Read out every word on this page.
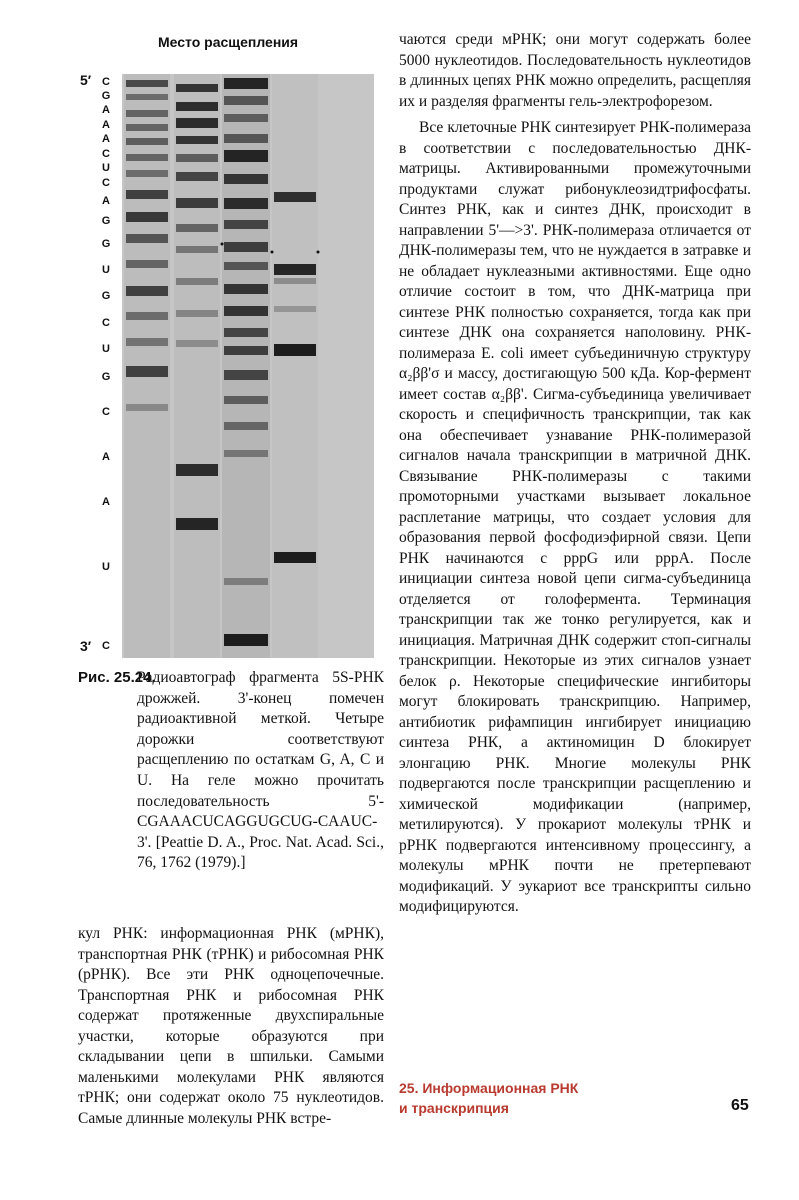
Место расщепления
5′
3′
C
G
A
A
A
C
U
C
A
G
G
U
G
C
U
G
C
A
A
U
C
Рис. 25.24.
Радиоавтограф фрагмента 5S-РНК дрожжей. 3'-конец помечен радиоактивной меткой. Четыре дорожки соответствуют расщеплению по остаткам G, A, C и U. На геле можно прочитать последовательность 5'-CGAAACUCAGGUGCUG-CAAUC-3'. [Peattie D. A., Proc. Nat. Acad. Sci., 76, 1762 (1979).]

кул РНК: информационная РНК (мРНК), транспортная РНК (тРНК) и рибосомная РНК (рРНК). Все эти РНК одноцепочечные. Транспортная РНК и рибосомная РНК содержат протяженные двухспиральные участки, которые образуются при складывании цепи в шпильки. Самыми маленькими молекулами РНК являются тРНК; они содержат около 75 нуклеотидов. Самые длинные молекулы РНК встре-

чаются среди мРНК; они могут содержать более 5000 нуклеотидов. Последовательность нуклеотидов в длинных цепях РНК можно определить, расщепляя их и разделяя фрагменты гель-электрофорезом.

Все клеточные РНК синтезирует РНК-полимераза в соответствии с последовательностью ДНК-матрицы. Активированными промежуточными продуктами служат рибонуклеозидтрифосфаты. Синтез РНК, как и синтез ДНК, происходит в направлении 5'—>3'. РНК-полимераза отличается от ДНК-полимеразы тем, что не нуждается в затравке и не обладает нуклеазными активностями. Еще одно отличие состоит в том, что ДНК-матрица при синтезе РНК полностью сохраняется, тогда как при синтезе ДНК она сохраняется наполовину. РНК-полимераза E. coli имеет субъединичную структуру α₂ββ'σ и массу, достигающую 500 кДа. Кор-фермент имеет состав α₂ββ'. Сигма-субъединица увеличивает скорость и специфичность транскрипции, так как она обеспечивает узнавание РНК-полимеразой сигналов начала транскрипции в матричной ДНК. Связывание РНК-полимеразы с такими промоторными участками вызывает локальное расплетание матрицы, что создает условия для образования первой фосфодиэфирной связи. Цепи РНК начинаются с pppG или pppA. После инициации синтеза новой цепи сигма-субъединица отделяется от голофермента. Терминация транскрипции так же тонко регулируется, как и инициация. Матричная ДНК содержит стоп-сигналы транскрипции. Некоторые из этих сигналов узнает белок ρ. Некоторые специфические ингибиторы могут блокировать транскрипцию. Например, антибиотик рифампицин ингибирует инициацию синтеза РНК, а актиномицин D блокирует элонгацию РНК. Многие молекулы РНК подвергаются после транскрипции расщеплению и химической модификации (например, метилируются). У прокариот молекулы тРНК и рРНК подвергаются интенсивному процессингу, а молекулы мРНК почти не претерпевают модификаций. У эукариот все транскрипты сильно модифицируются.

25. Информационная РНК
и транскрипция	65
